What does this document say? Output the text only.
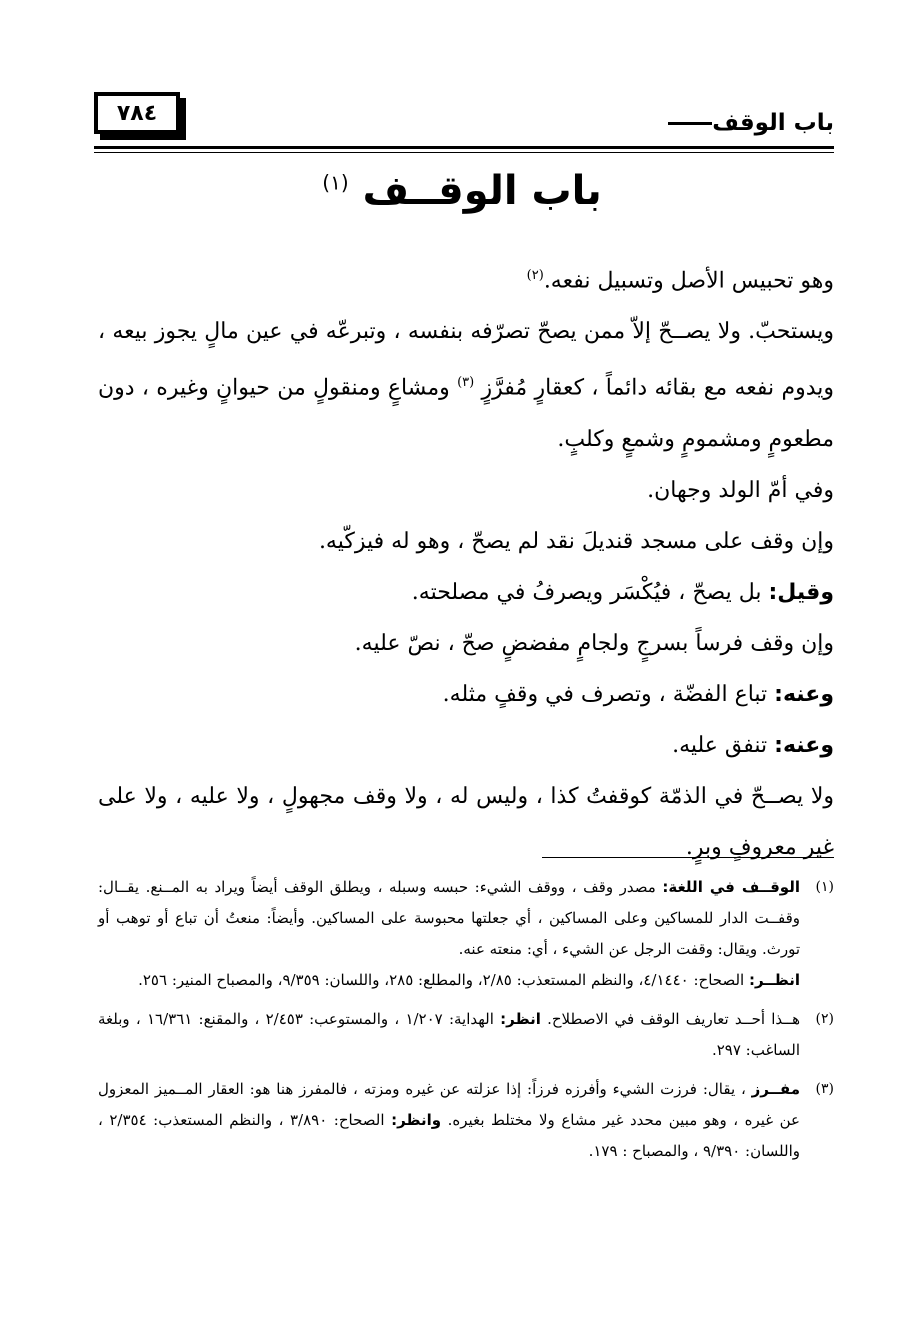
٧٨٤	باب الوقف
باب الوقــف $^{(١)}$

وهو تحبيس الأصل وتسبيل نفعه.$^{(٢)}$

ويستحبّ. ولا يصــحّ إلاّ ممن يصحّ تصرّفه بنفسه ، وتبرعّه في عين مالٍ يجوز بيعه ، ويدوم نفعه مع بقائه دائماً ، كعقارٍ مُفرَّزٍ $^{(٣)}$ ومشاعٍ ومنقولٍ من حيوانٍ وغيره ، دون مطعومٍ ومشمومٍ وشمعٍ وكلبٍ.

وفي أمّ الولد وجهان.

وإن وقف على مسجد قنديلَ نقد لم يصحّ ، وهو له فيزكّيه.

وقيل: بل يصحّ ، فيُكْسَر ويصرفُ في مصلحته.

وإن وقف فرساً بسرجٍ ولجامٍ مفضضٍ صحّ ، نصّ عليه.

وعنه: تباع الفضّة ، وتصرف في وقفٍ مثله.

وعنه: تنفق عليه.

ولا يصــحّ في الذمّة كوقفتُ كذا ، وليس له ، ولا وقف مجهولٍ ، ولا عليه ، ولا على غير معروفٍ وبرٍ.

(١)
الوقــف في اللغة: مصدر وقف ، ووقف الشيء: حبسه وسبله ، ويطلق الوقف أيضاً ويراد به المــنع. يقــال: وقفــت الدار للمساكين وعلى المساكين ، أي جعلتها محبوسة على المساكين. وأيضاً: منعتُ أن تباع أو توهب أو تورث. ويقال: وقفت الرجل عن الشيء ، أي: منعته عنه.
انظــر: الصحاح: ٤/١٤٤٠، والنظم المستعذب: ٢/٨٥، والمطلع: ٢٨٥، واللسان: ٩/٣٥٩، والمصباح المنير: ٢٥٦.
(٢)
هــذا أحــد تعاريف الوقف في الاصطلاح. انظر: الهداية: ١/٢٠٧ ، والمستوعب: ٢/٤٥٣ ، والمقنع: ١٦/٣٦١ ، وبلغة الساغب: ٢٩٧.
(٣)
مفــرز ، يقال: فرزت الشيء وأفرزه فرزاً: إذا عزلته عن غيره ومزته ، فالمفرز هنا هو: العقار المــميز المعزول عن غيره ، وهو مبين محدد غير مشاع ولا مختلط بغيره. وانظر: الصحاح: ٣/٨٩٠ ، والنظم المستعذب: ٢/٣٥٤ ، واللسان: ٩/٣٩٠ ، والمصباح : ١٧٩.
